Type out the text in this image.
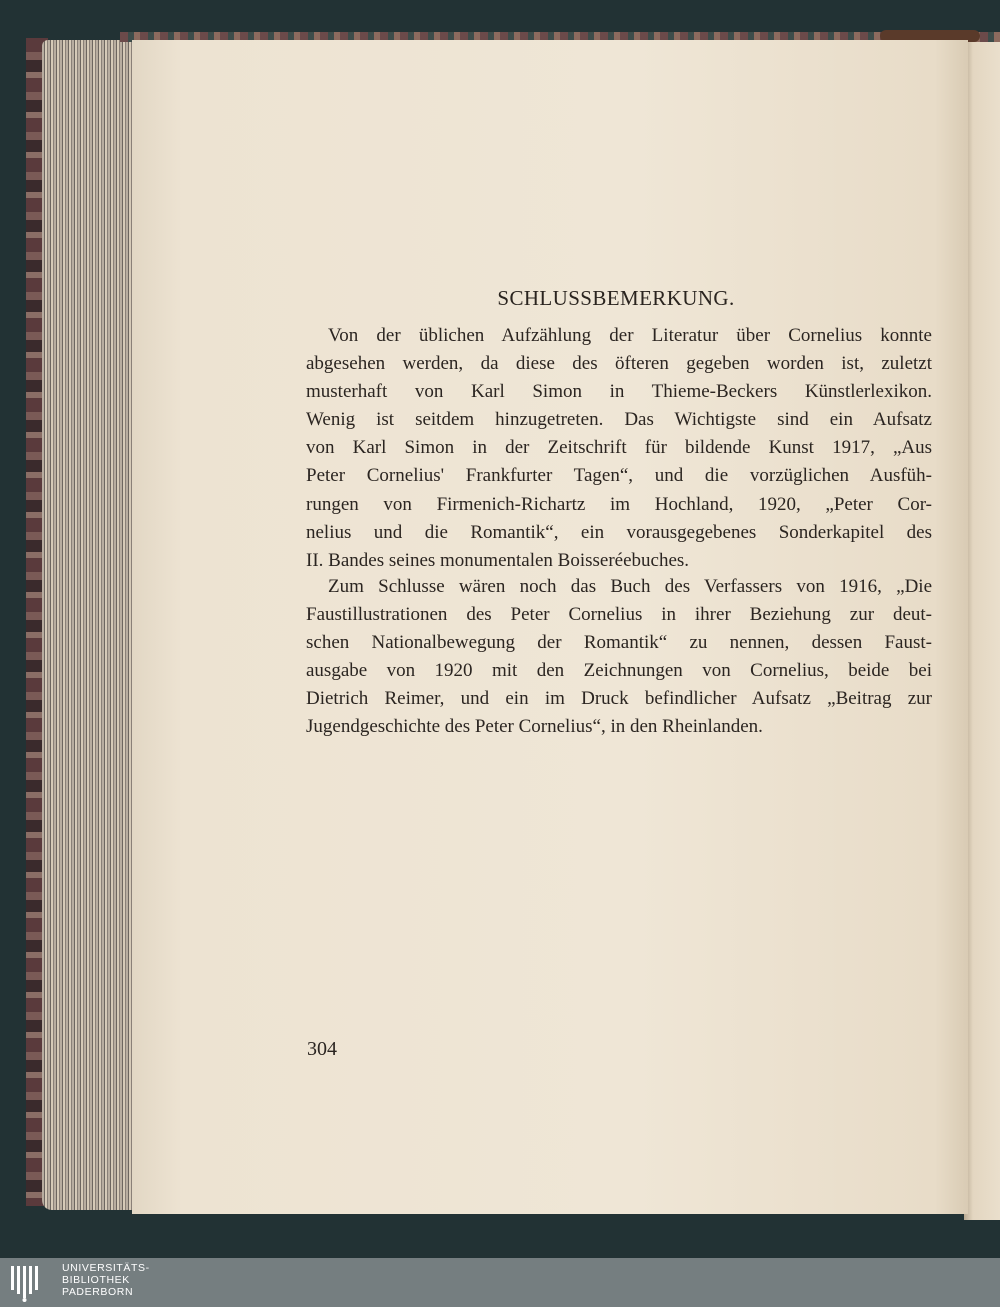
SCHLUSSBEMERKUNG.
Von der üblichen Aufzählung der Literatur über Cornelius konnte
abgesehen werden, da diese des öfteren gegeben worden ist, zuletzt
musterhaft von Karl Simon in Thieme-Beckers Künstlerlexikon.
Wenig ist seitdem hinzugetreten. Das Wichtigste sind ein Aufsatz
von Karl Simon in der Zeitschrift für bildende Kunst 1917, „Aus
Peter Cornelius' Frankfurter Tagen“, und die vorzüglichen Ausfüh-
rungen von Firmenich-Richartz im Hochland, 1920, „Peter Cor-
nelius und die Romantik“, ein vorausgegebenes Sonderkapitel des
II. Bandes seines monumentalen Boisseréebuches.
Zum Schlusse wären noch das Buch des Verfassers von 1916, „Die
Faustillustrationen des Peter Cornelius in ihrer Beziehung zur deut-
schen Nationalbewegung der Romantik“ zu nennen, dessen Faust-
ausgabe von 1920 mit den Zeichnungen von Cornelius, beide bei
Dietrich Reimer, und ein im Druck befindlicher Aufsatz „Beitrag zur
Jugendgeschichte des Peter Cornelius“, in den Rheinlanden.
304
UNIVERSITÄTS-
BIBLIOTHEK
PADERBORN
